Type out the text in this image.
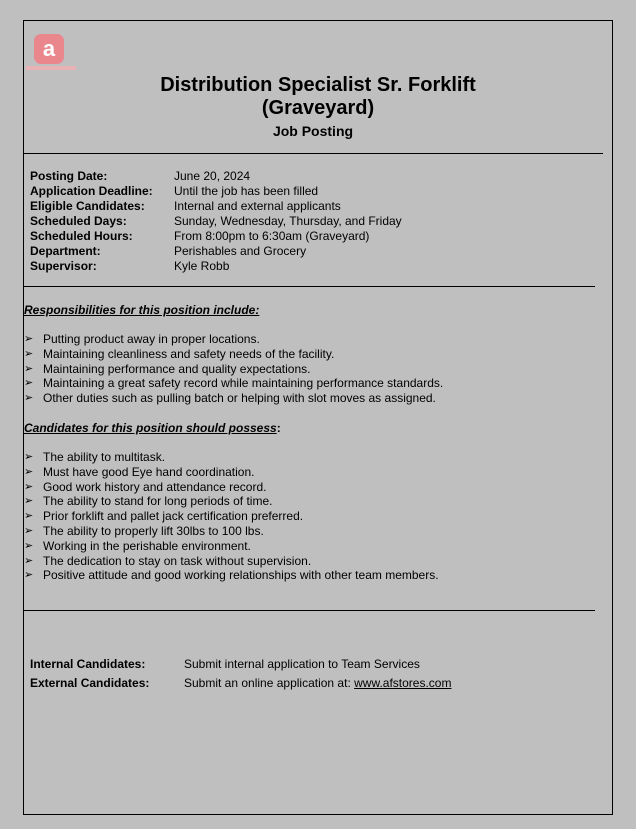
a
Distribution Specialist Sr. Forklift
(Graveyard)
Job Posting
Posting Date:	June 20, 2024
Application Deadline:	Until the job has been filled
Eligible Candidates:	Internal and external applicants
Scheduled Days:	Sunday, Wednesday, Thursday, and Friday
Scheduled Hours:	From 8:00pm to 6:30am (Graveyard)
Department:	Perishables and Grocery
Supervisor:	Kyle Robb
Responsibilities for this position include:
➢ Putting product away in proper locations.
➢ Maintaining cleanliness and safety needs of the facility.
➢ Maintaining performance and quality expectations.
➢ Maintaining a great safety record while maintaining performance standards.
➢ Other duties such as pulling batch or helping with slot moves as assigned.
Candidates for this position should possess:
➢ The ability to multitask.
➢ Must have good Eye hand coordination.
➢ Good work history and attendance record.
➢ The ability to stand for long periods of time.
➢ Prior forklift and pallet jack certification preferred.
➢ The ability to properly lift 30lbs to 100 lbs.
➢ Working in the perishable environment.
➢ The dedication to stay on task without supervision.
➢ Positive attitude and good working relationships with other team members.
Internal Candidates:	Submit internal application to Team Services
External Candidates:	Submit an online application at: www.afstores.com
